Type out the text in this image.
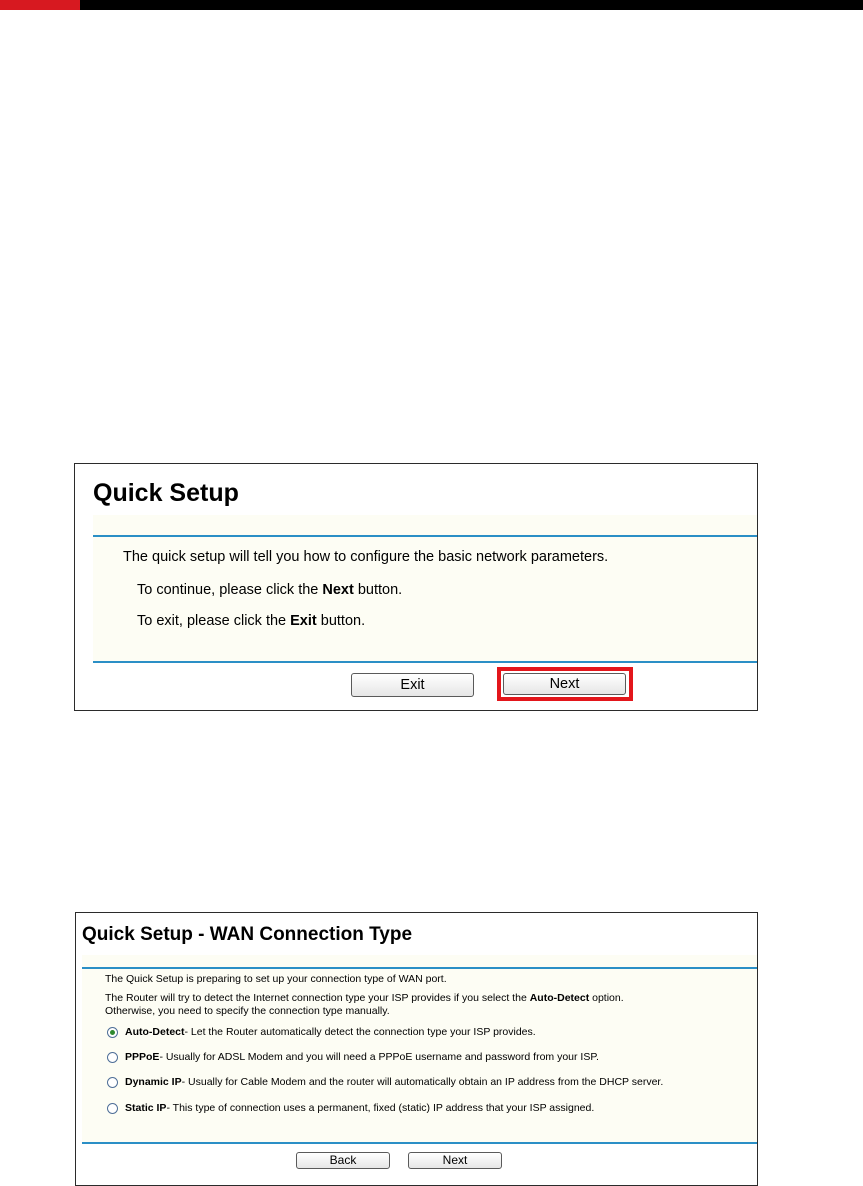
Quick Setup
The quick setup will tell you how to configure the basic network parameters.
To continue, please click the Next button.
To exit, please click the Exit button.
Exit	Next
Quick Setup - WAN Connection Type
The Quick Setup is preparing to set up your connection type of WAN port.
The Router will try to detect the Internet connection type your ISP provides if you select the Auto-Detect option.
Otherwise, you need to specify the connection type manually.
Auto-Detect - Let the Router automatically detect the connection type your ISP provides.
PPPoE - Usually for ADSL Modem and you will need a PPPoE username and password from your ISP.
Dynamic IP - Usually for Cable Modem and the router will automatically obtain an IP address from the DHCP server.
Static IP - This type of connection uses a permanent, fixed (static) IP address that your ISP assigned.
Back	Next
